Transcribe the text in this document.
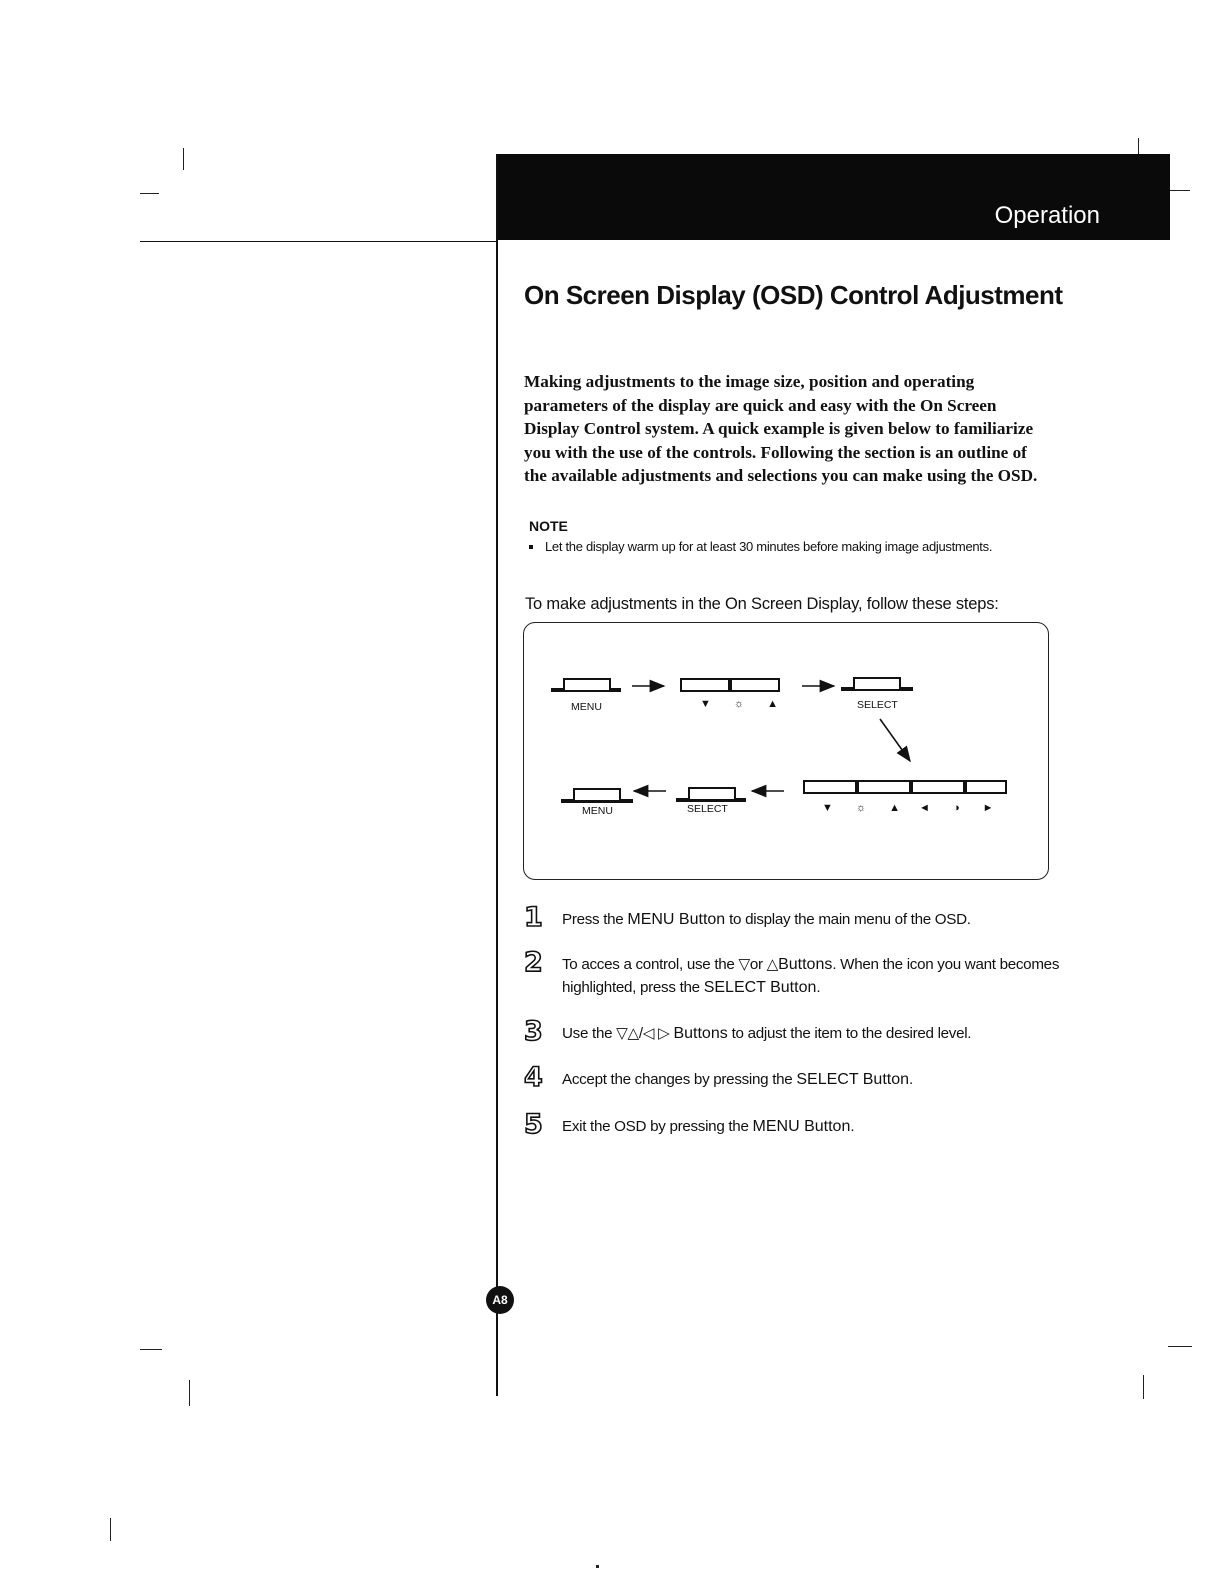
Operation
On Screen Display (OSD) Control Adjustment
Making adjustments to the image size, position and operating parameters of the display are quick and easy with the On Screen Display Control system. A quick example is given below to familiarize you with the use of the controls. Following the section is an outline of the available adjustments and selections you can make using the OSD.
NOTE
Let the display warm up for at least 30 minutes before making image adjustments.
To make adjustments in the On Screen Display, follow these steps:
MENU	▼ ☼ ▲	SELECT
MENU	SELECT	▼ ☼ ▲ ◄ ◑ ►
1 Press the MENU Button to display the main menu of the OSD.
2 To acces a control, use the ▽or △Buttons. When the icon you want becomes highlighted, press the SELECT Button.
3 Use the ▽△/◁ ▷ Buttons to adjust the item to the desired level.
4 Accept the changes by pressing the SELECT Button.
5 Exit the OSD by pressing the MENU Button.
A8
